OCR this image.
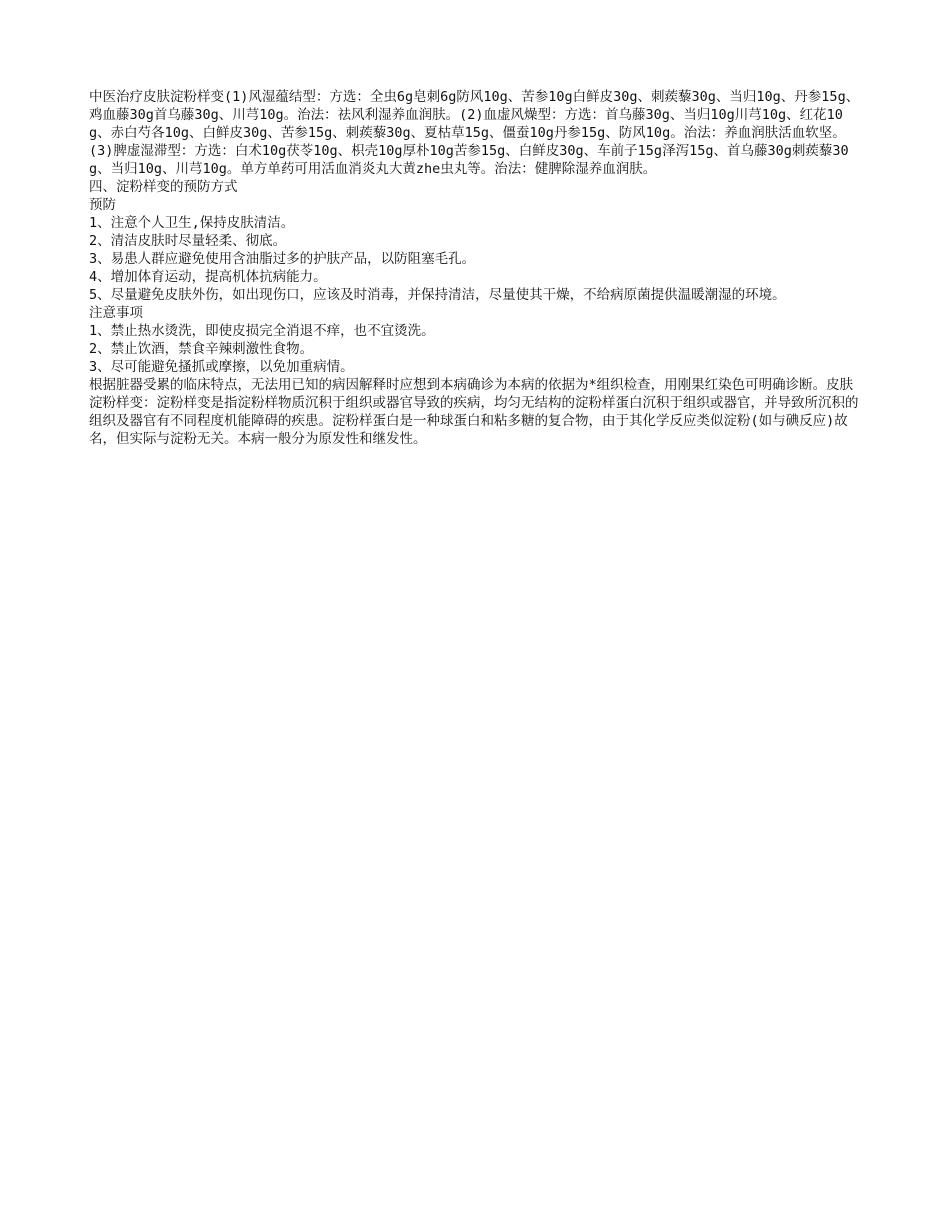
中医治疗皮肤淀粉样变(1)风湿蕴结型：方选：全虫6g皂刺6g防风10g、苦参10g白鲜皮30g、刺蒺藜30g、当归10g、丹参15g、鸡血藤30g首乌藤30g、川芎10g。治法：祛风利湿养血润肤。(2)血虚风燥型：方选：首乌藤30g、当归10g川芎10g、红花10g、赤白芍各10g、白鲜皮30g、苦参15g、刺蒺藜30g、夏枯草15g、僵蚕10g丹参15g、防风10g。治法：养血润肤活血软坚。(3)脾虚湿滞型：方选：白术10g茯苓10g、枳壳10g厚朴10g苦参15g、白鲜皮30g、车前子15g泽泻15g、首乌藤30g刺蒺藜30g、当归10g、川芎10g。单方单药可用活血消炎丸大黄zhe虫丸等。治法：健脾除湿养血润肤。

四、淀粉样变的预防方式

预防

1、注意个人卫生,保持皮肤清洁。

2、清洁皮肤时尽量轻柔、彻底。

3、易患人群应避免使用含油脂过多的护肤产品，以防阻塞毛孔。

4、增加体育运动，提高机体抗病能力。

5、尽量避免皮肤外伤，如出现伤口，应该及时消毒，并保持清洁，尽量使其干燥，不给病原菌提供温暖潮湿的环境。

注意事项

1、禁止热水烫洗，即使皮损完全消退不痒，也不宜烫洗。

2、禁止饮酒，禁食辛辣刺激性食物。

3、尽可能避免搔抓或摩擦，以免加重病情。

根据脏器受累的临床特点，无法用已知的病因解释时应想到本病确诊为本病的依据为*组织检查，用刚果红染色可明确诊断。皮肤淀粉样变：淀粉样变是指淀粉样物质沉积于组织或器官导致的疾病，均匀无结构的淀粉样蛋白沉积于组织或器官，并导致所沉积的组织及器官有不同程度机能障碍的疾患。淀粉样蛋白是一种球蛋白和粘多糖的复合物，由于其化学反应类似淀粉(如与碘反应)故名，但实际与淀粉无关。本病一般分为原发性和继发性。
